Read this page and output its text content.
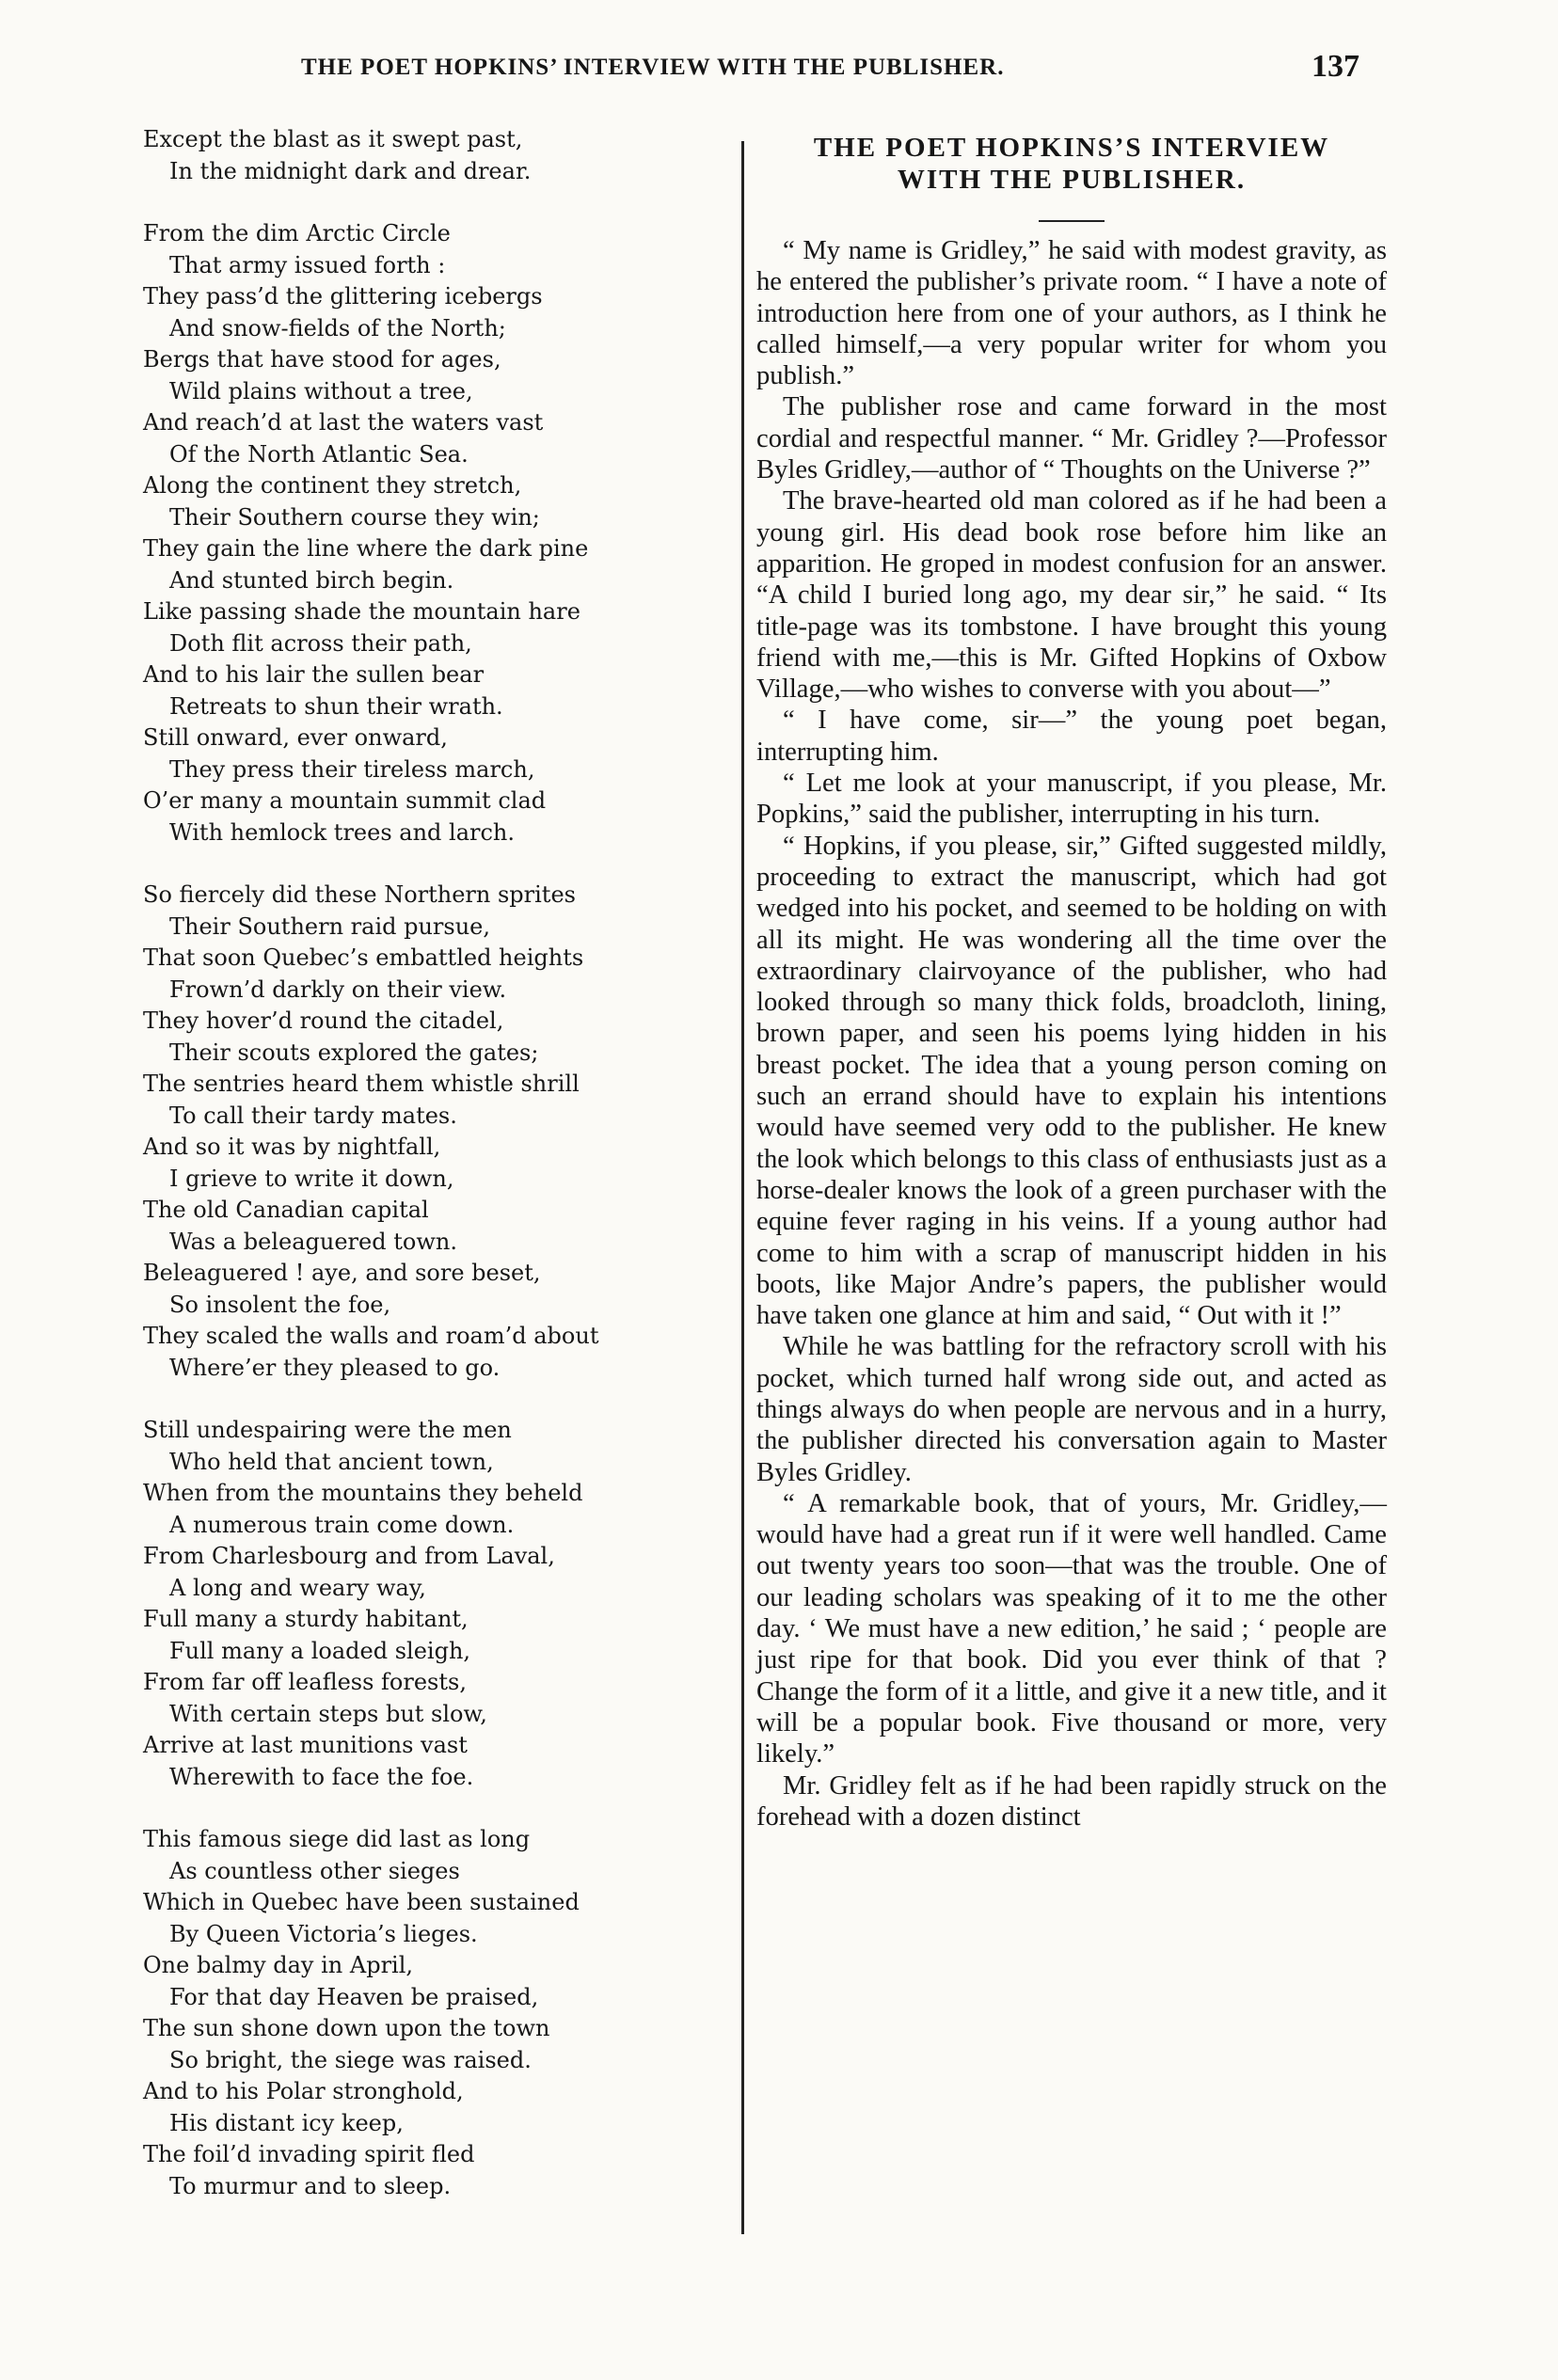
THE POET HOPKINS’ INTERVIEW WITH THE PUBLISHER.	137
Except the blast as it swept past,
In the midnight dark and drear.
From the dim Arctic Circle
That army issued forth :
They pass’d the glittering icebergs
And snow-fields of the North;
Bergs that have stood for ages,
Wild plains without a tree,
And reach’d at last the waters vast
Of the North Atlantic Sea.
Along the continent they stretch,
Their Southern course they win;
They gain the line where the dark pine
And stunted birch begin.
Like passing shade the mountain hare
Doth flit across their path,
And to his lair the sullen bear
Retreats to shun their wrath.
Still onward, ever onward,
They press their tireless march,
O’er many a mountain summit clad
With hemlock trees and larch.
So fiercely did these Northern sprites
Their Southern raid pursue,
That soon Quebec’s embattled heights
Frown’d darkly on their view.
They hover’d round the citadel,
Their scouts explored the gates;
The sentries heard them whistle shrill
To call their tardy mates.
And so it was by nightfall,
I grieve to write it down,
The old Canadian capital
Was a beleaguered town.
Beleaguered ! aye, and sore beset,
So insolent the foe,
They scaled the walls and roam’d about
Where’er they pleased to go.
Still undespairing were the men
Who held that ancient town,
When from the mountains they beheld
A numerous train come down.
From Charlesbourg and from Laval,
A long and weary way,
Full many a sturdy habitant,
Full many a loaded sleigh,
From far off leafless forests,
With certain steps but slow,
Arrive at last munitions vast
Wherewith to face the foe.
This famous siege did last as long
As countless other sieges
Which in Quebec have been sustained
By Queen Victoria’s lieges.
One balmy day in April,
For that day Heaven be praised,
The sun shone down upon the town
So bright, the siege was raised.
And to his Polar stronghold,
His distant icy keep,
The foil’d invading spirit fled
To murmur and to sleep.
THE POET HOPKINS’S INTERVIEW
WITH THE PUBLISHER.

“ My name is Gridley,” he said with modest gravity, as he entered the publisher’s private room. “ I have a note of introduction here from one of your authors, as I think he called himself,—a very popular writer for whom you publish.”

The publisher rose and came forward in the most cordial and respectful manner. “ Mr. Gridley ?—Professor Byles Gridley,—author of “ Thoughts on the Universe ?”

The brave-hearted old man colored as if he had been a young girl. His dead book rose before him like an apparition. He groped in modest confusion for an answer. “A child I buried long ago, my dear sir,” he said. “ Its title-page was its tombstone. I have brought this young friend with me,—this is Mr. Gifted Hopkins of Oxbow Village,—who wishes to converse with you about—”

“ I have come, sir—” the young poet began, interrupting him.

“ Let me look at your manuscript, if you please, Mr. Popkins,” said the publisher, interrupting in his turn.

“ Hopkins, if you please, sir,” Gifted suggested mildly, proceeding to extract the manuscript, which had got wedged into his pocket, and seemed to be holding on with all its might. He was wondering all the time over the extraordinary clairvoyance of the publisher, who had looked through so many thick folds, broadcloth, lining, brown paper, and seen his poems lying hidden in his breast pocket. The idea that a young person coming on such an errand should have to explain his intentions would have seemed very odd to the publisher. He knew the look which belongs to this class of enthusiasts just as a horse-dealer knows the look of a green purchaser with the equine fever raging in his veins. If a young author had come to him with a scrap of manuscript hidden in his boots, like Major Andre’s papers, the publisher would have taken one glance at him and said, “ Out with it !”

While he was battling for the refractory scroll with his pocket, which turned half wrong side out, and acted as things always do when people are nervous and in a hurry, the publisher directed his conversation again to Master Byles Gridley.

“ A remarkable book, that of yours, Mr. Gridley,—would have had a great run if it were well handled. Came out twenty years too soon—that was the trouble. One of our leading scholars was speaking of it to me the other day. ‘ We must have a new edition,’ he said ; ‘ people are just ripe for that book. Did you ever think of that ? Change the form of it a little, and give it a new title, and it will be a popular book. Five thousand or more, very likely.”

Mr. Gridley felt as if he had been rapidly struck on the forehead with a dozen distinct
